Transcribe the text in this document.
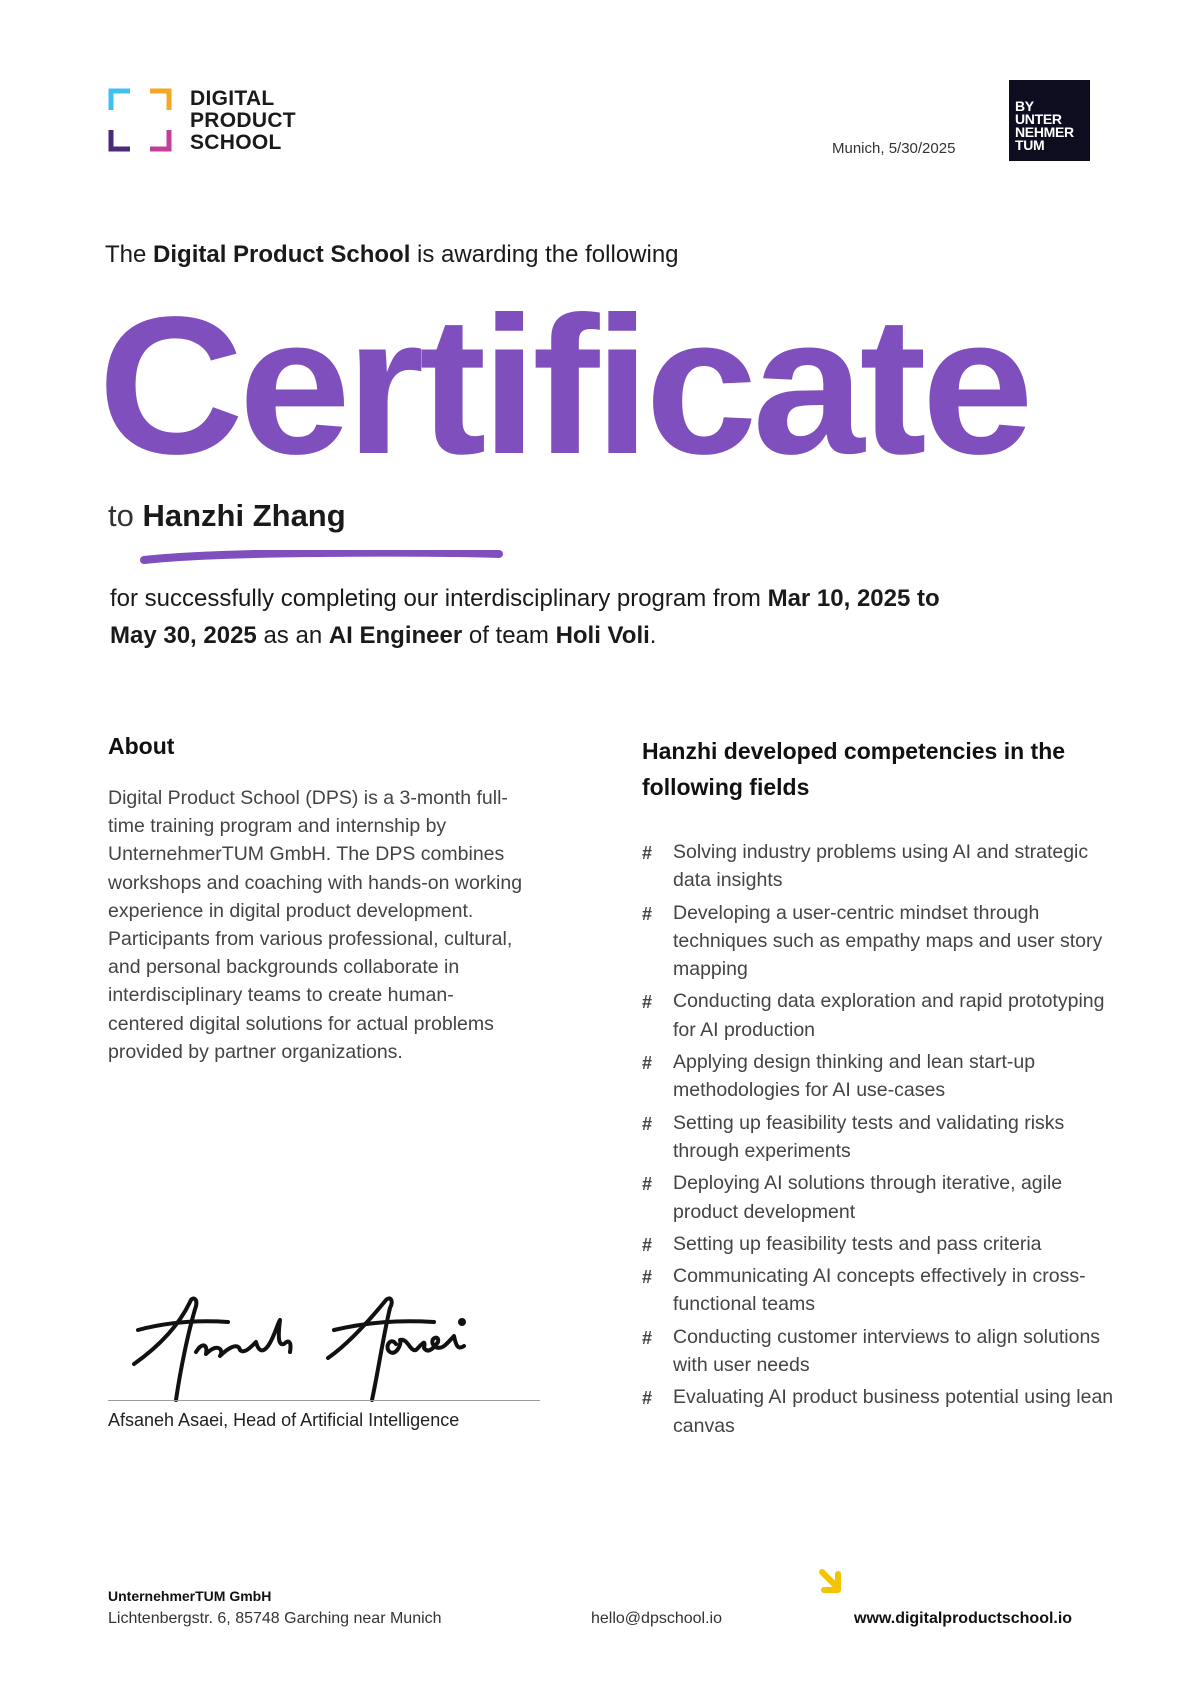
DIGITAL
PRODUCT
SCHOOL	Munich, 5/30/2025
BY
UNTER
NEHMER
TUM
The Digital Product School is awarding the following
Certificate
to Hanzhi Zhang
for successfully completing our interdisciplinary program from Mar 10, 2025 to
May 30, 2025 as an AI Engineer of team Holi Voli.
About

Digital Product School (DPS) is a 3-month full-time training program and internship by UnternehmerTUM GmbH. The DPS combines workshops and coaching with hands-on working experience in digital product development.

Participants from various professional, cultural, and personal backgrounds collaborate in interdisciplinary teams to create human-centered digital solutions for actual problems provided by partner organizations.

Hanzhi developed competencies in the following fields
# Solving industry problems using AI and strategic data insights
# Developing a user-centric mindset through techniques such as empathy maps and user story mapping
# Conducting data exploration and rapid prototyping for AI production
# Applying design thinking and lean start-up methodologies for AI use-cases
# Setting up feasibility tests and validating risks through experiments
# Deploying AI solutions through iterative, agile product development
# Setting up feasibility tests and pass criteria
# Communicating AI concepts effectively in cross-functional teams
# Conducting customer interviews to align solutions with user needs
# Evaluating AI product business potential using lean canvas
Afsaneh Asaei, Head of Artificial Intelligence
UnternehmerTUM GmbH
Lichtenbergstr. 6, 85748 Garching near Munich	hello@dpschool.io	www.digitalproductschool.io
